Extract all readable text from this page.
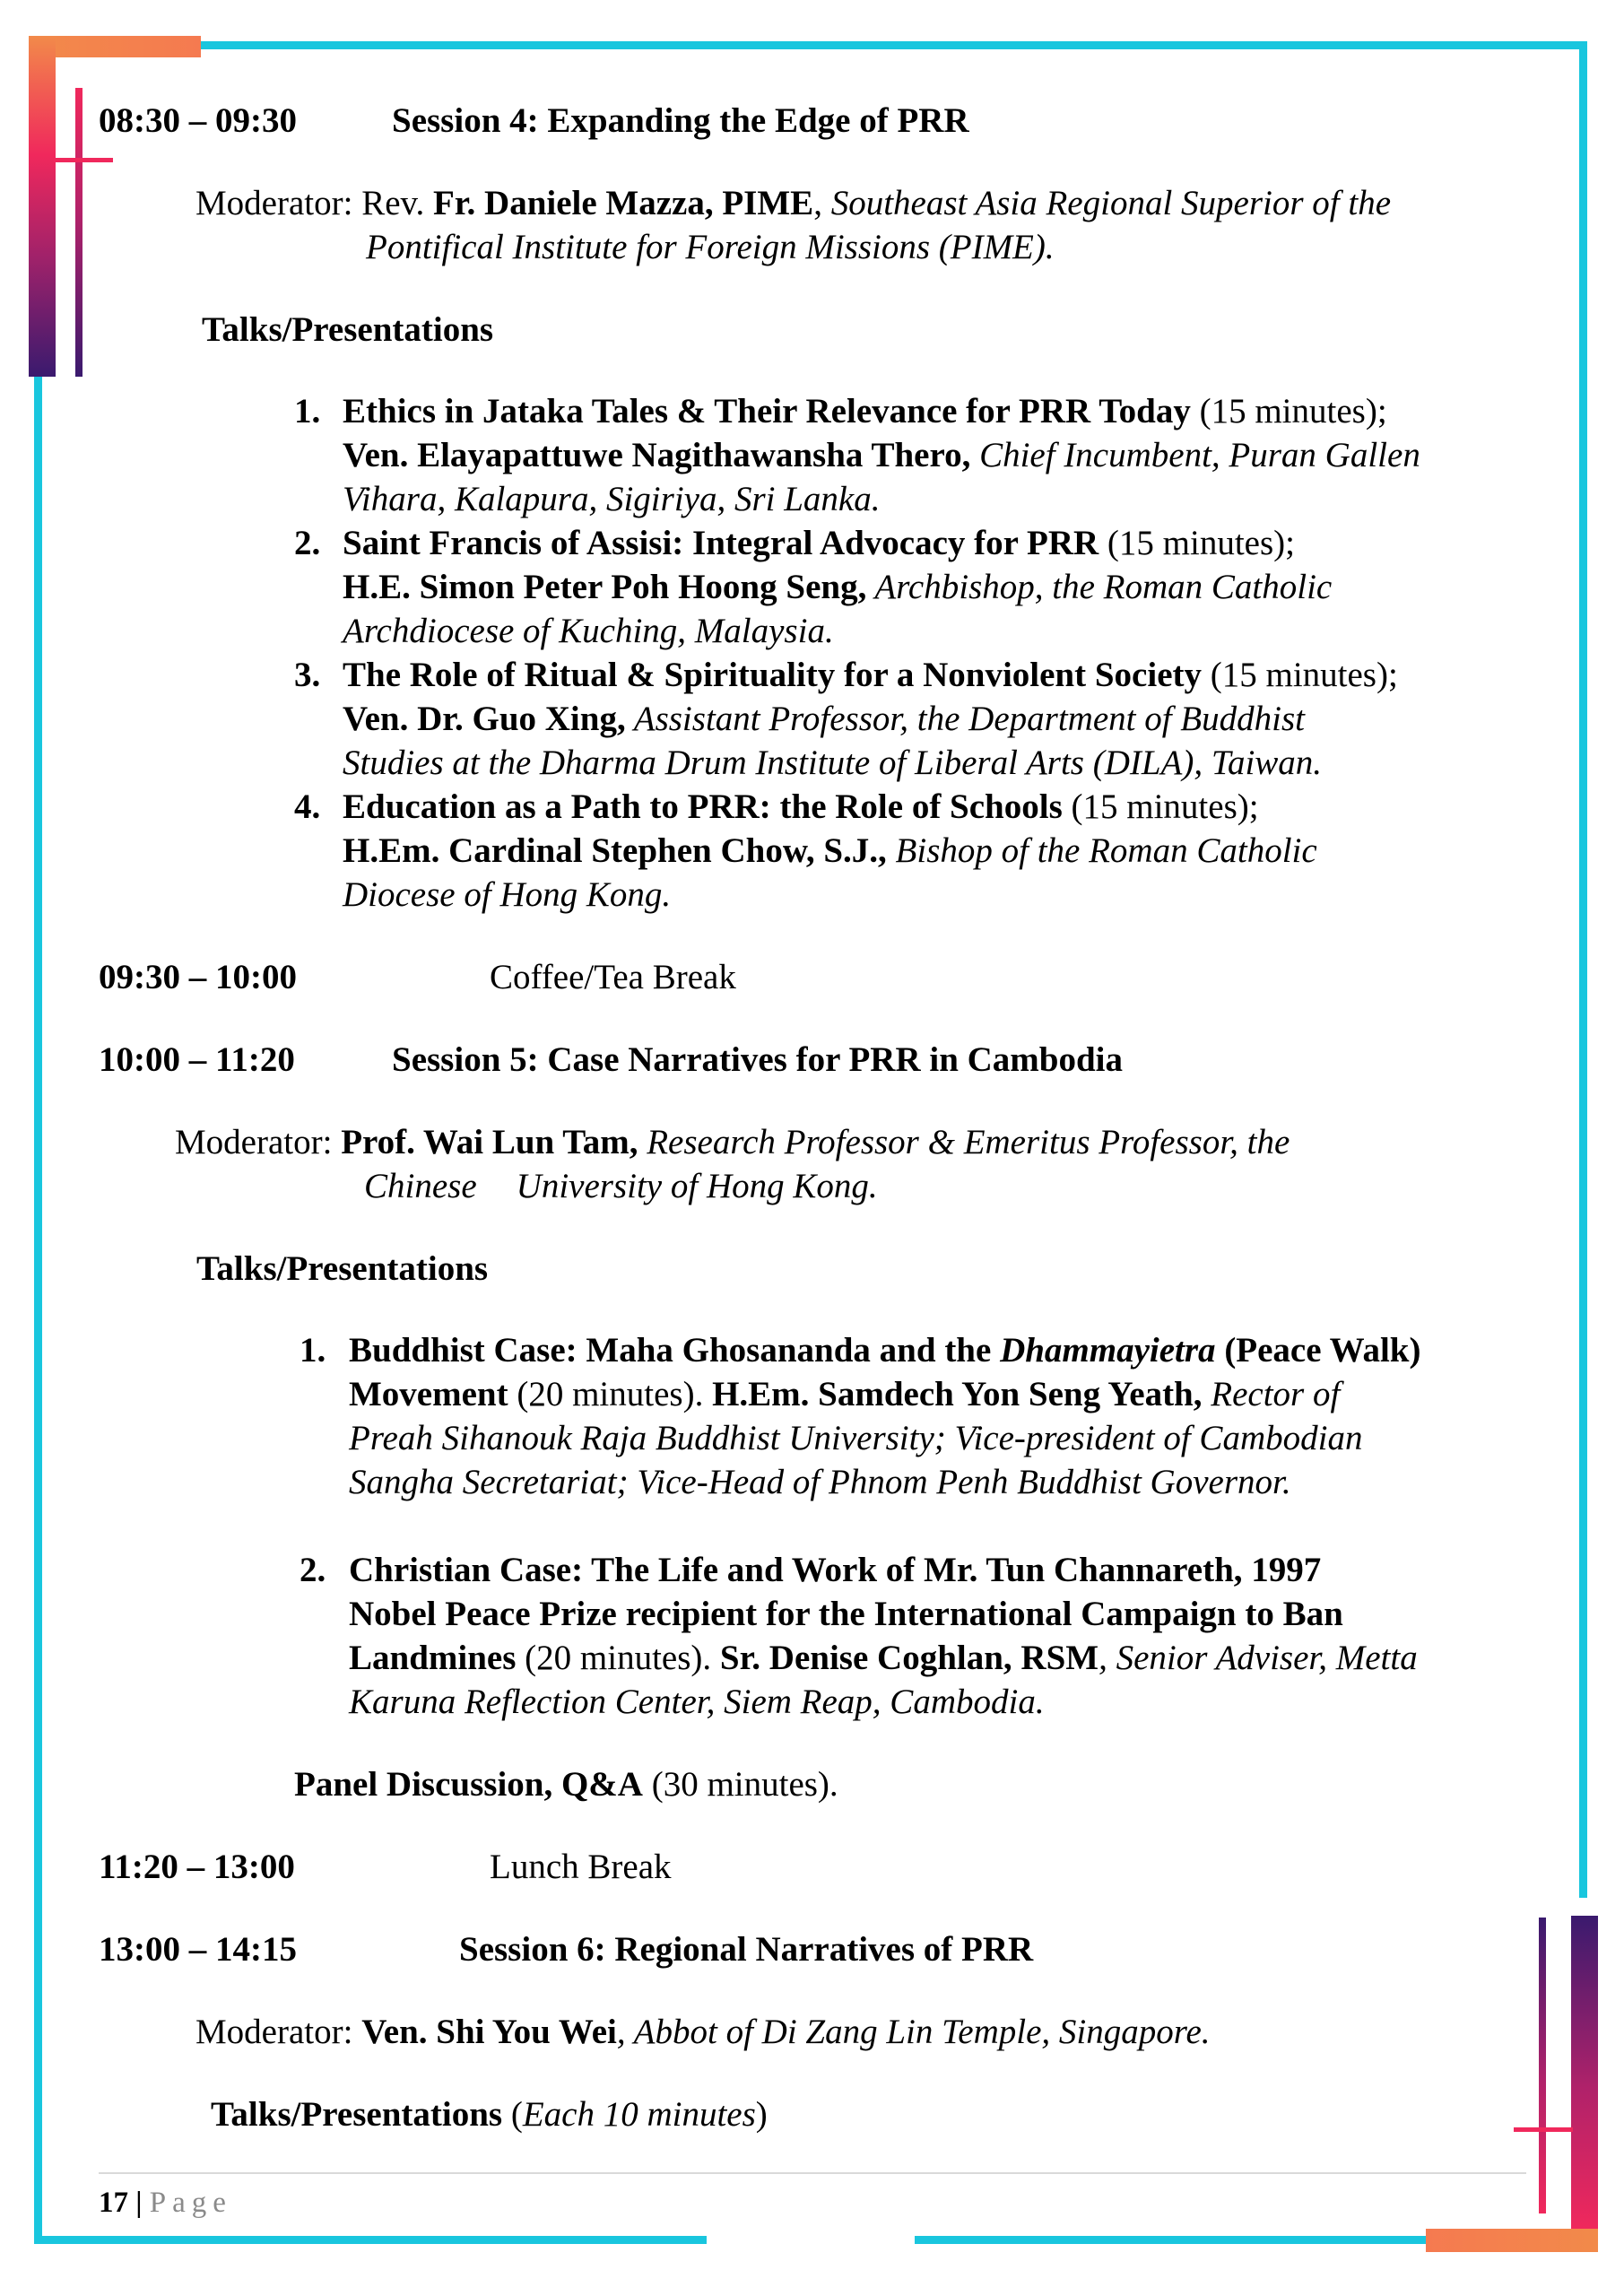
08:30 – 09:30	Session 4: Expanding the Edge of PRR
Moderator: Rev. Fr. Daniele Mazza, PIME, Southeast Asia Regional Superior of the
Pontifical Institute for Foreign Missions (PIME).
Talks/Presentations
1. Ethics in Jataka Tales & Their Relevance for PRR Today (15 minutes);
Ven. Elayapattuwe Nagithawansha Thero, Chief Incumbent, Puran Gallen
Vihara, Kalapura, Sigiriya, Sri Lanka.
2. Saint Francis of Assisi: Integral Advocacy for PRR (15 minutes);
H.E. Simon Peter Poh Hoong Seng, Archbishop, the Roman Catholic
Archdiocese of Kuching, Malaysia.
3. The Role of Ritual & Spirituality for a Nonviolent Society (15 minutes);
Ven. Dr. Guo Xing, Assistant Professor, the Department of Buddhist
Studies at the Dharma Drum Institute of Liberal Arts (DILA), Taiwan.
4. Education as a Path to PRR: the Role of Schools (15 minutes);
H.Em. Cardinal Stephen Chow, S.J., Bishop of the Roman Catholic
Diocese of Hong Kong.
09:30 – 10:00	Coffee/Tea Break
10:00 – 11:20	Session 5: Case Narratives for PRR in Cambodia
Moderator: Prof. Wai Lun Tam, Research Professor & Emeritus Professor, the
Chinese University of Hong Kong.
Talks/Presentations
1. Buddhist Case: Maha Ghosananda and the Dhammayietra (Peace Walk)
Movement (20 minutes). H.Em. Samdech Yon Seng Yeath, Rector of
Preah Sihanouk Raja Buddhist University; Vice-president of Cambodian
Sangha Secretariat; Vice-Head of Phnom Penh Buddhist Governor.
2. Christian Case: The Life and Work of Mr. Tun Channareth, 1997
Nobel Peace Prize recipient for the International Campaign to Ban
Landmines (20 minutes). Sr. Denise Coghlan, RSM, Senior Adviser, Metta
Karuna Reflection Center, Siem Reap, Cambodia.
Panel Discussion, Q&A (30 minutes).
11:20 – 13:00	Lunch Break
13:00 – 14:15	Session 6: Regional Narratives of PRR
Moderator: Ven. Shi You Wei, Abbot of Di Zang Lin Temple, Singapore.
Talks/Presentations (Each 10 minutes)
17 | Page
